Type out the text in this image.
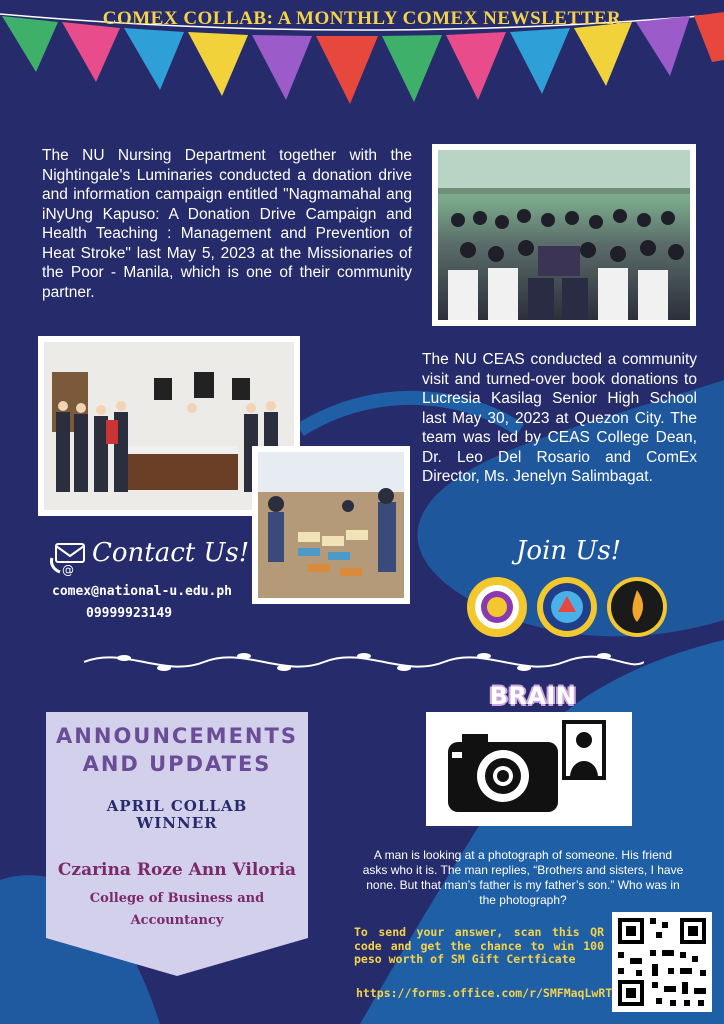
COMEX COLLAB: A MONTHLY COMEX NEWSLETTER
The NU Nursing Department together with the Nightingale's Luminaries conducted a donation drive and information campaign entitled "Nagmamahal ang iNyUng Kapuso: A Donation Drive Campaign and Health Teaching : Management and Prevention of Heat Stroke" last May 5, 2023 at the Missionaries of the Poor - Manila, which is one of their community partner.
The NU CEAS conducted a community visit and turned-over book donations to Lucresia Kasilag Senior High School last May 30, 2023 at Quezon City. The team was led by CEAS College Dean, Dr. Leo Del Rosario and ComEx Director, Ms. Jenelyn Salimbagat.
@
Contact Us!
comex@national-u.edu.ph
09999923149
Join Us!
ANNOUNCEMENTS
AND UPDATES
APRIL COLLAB
WINNER
Czarina Roze Ann Viloria
College of Business and
Accountancy
BRAIN
A man is looking at a photograph of someone. His friend asks who it is. The man replies, “Brothers and sisters, I have none. But that man’s father is my father’s son.” Who was in the photograph?
To send your answer, scan this QR code and get the chance to win 100 peso worth of SM Gift Certficate
https://forms.office.com/r/SMFMaqLwRT
